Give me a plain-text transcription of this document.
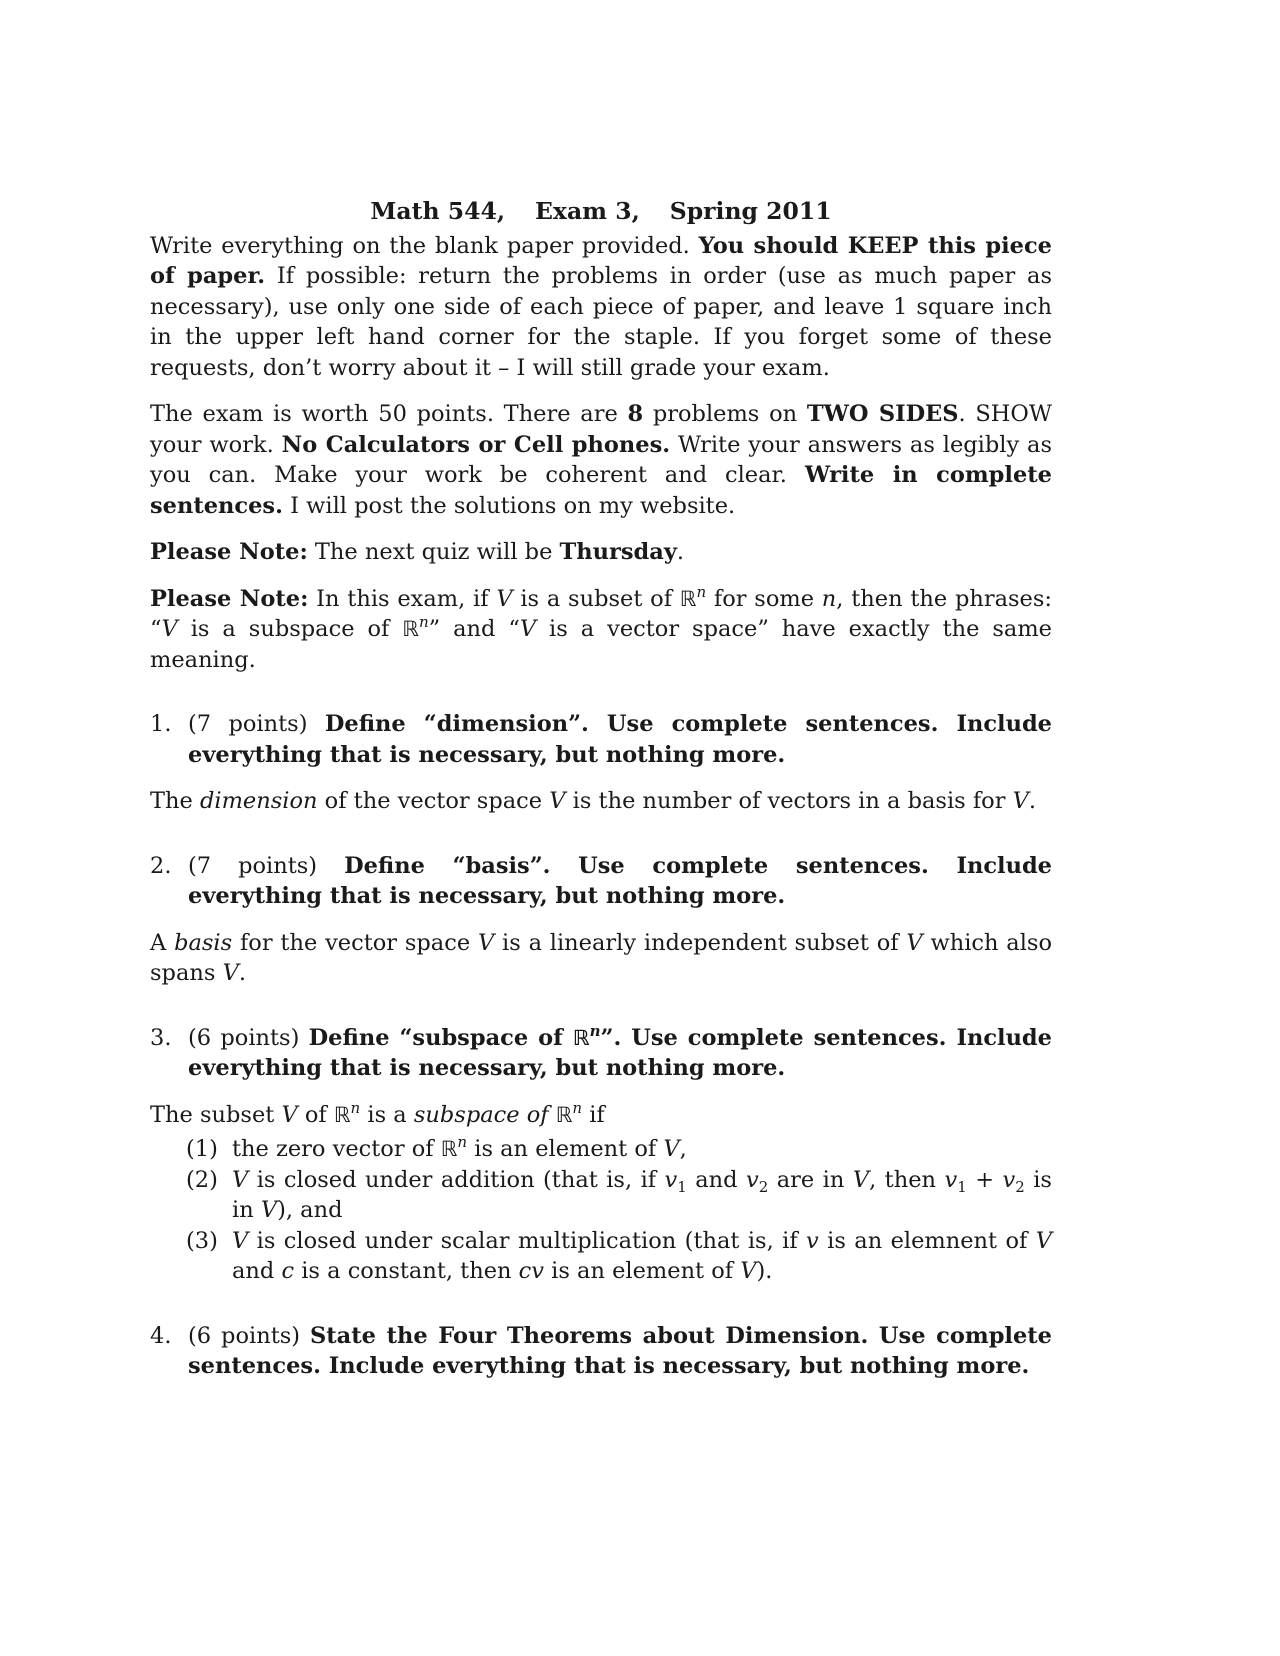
Math 544, Exam 3, Spring 2011

Write everything on the blank paper provided. You should KEEP this piece of paper. If possible: return the problems in order (use as much paper as necessary), use only one side of each piece of paper, and leave 1 square inch in the upper left hand corner for the staple. If you forget some of these requests, don’t worry about it – I will still grade your exam.

The exam is worth 50 points. There are 8 problems on TWO SIDES. SHOW your work. No Calculators or Cell phones. Write your answers as legibly as you can. Make your work be coherent and clear. Write in complete sentences. I will post the solutions on my website.

Please Note: The next quiz will be Thursday.

Please Note: In this exam, if V is a subset of ℝ$^n$ for some n, then the phrases: “V is a subspace of ℝ$^n$” and “V is a vector space” have exactly the same meaning.

1. (7 points) Define “dimension”. Use complete sentences. Include everything that is necessary, but nothing more.

The dimension of the vector space V is the number of vectors in a basis for V.

2. (7 points) Define “basis”. Use complete sentences. Include everything that is necessary, but nothing more.

A basis for the vector space V is a linearly independent subset of V which also spans V.

3. (6 points) Define “subspace of ℝ$^n$”. Use complete sentences. Include everything that is necessary, but nothing more.
The subset V of ℝ$^n$ is a subspace of ℝ$^n$ if
(1) the zero vector of ℝ$^n$ is an element of V,
(2) V is closed under addition (that is, if $v_1$ and $v_2$ are in V, then $v_1 + v_2$ is in V), and
(3) V is closed under scalar multiplication (that is, if v is an elemnent of V and c is a constant, then cv is an element of V).
4. (6 points) State the Four Theorems about Dimension. Use complete sentences. Include everything that is necessary, but nothing more.
